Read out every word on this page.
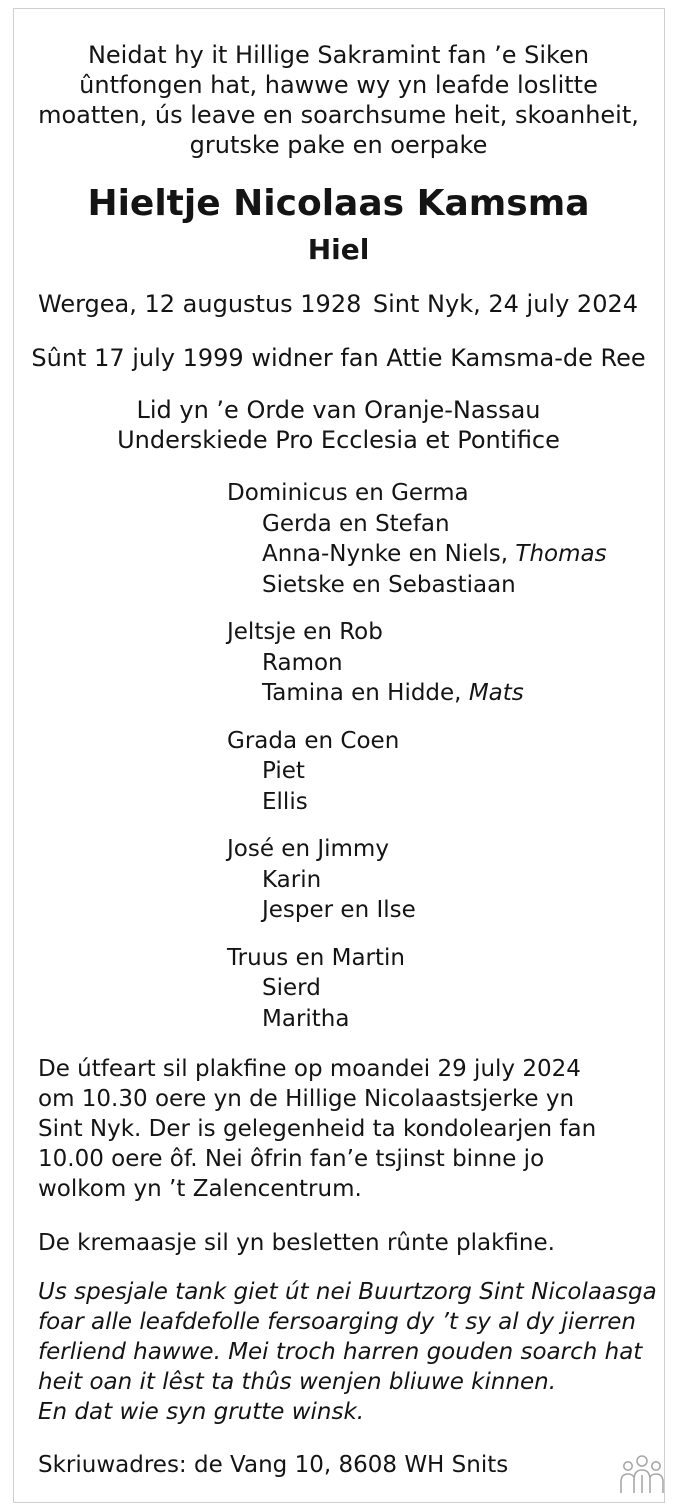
Neidat hy it Hillige Sakramint fan ’e Siken
ûntfongen hat, hawwe wy yn leafde loslitte
moatten, ús leave en soarchsume heit, skoanheit,
grutske pake en oerpake
Hieltje Nicolaas Kamsma
Hiel
Wergea, 12 augustus 1928 Sint Nyk, 24 july 2024
Sûnt 17 july 1999 widner fan Attie Kamsma-de Ree
Lid yn ’e Orde van Oranje-Nassau
Underskiede Pro Ecclesia et Pontifice
Dominicus en Germa
Gerda en Stefan
Anna-Nynke en Niels, Thomas
Sietske en Sebastiaan
Jeltsje en Rob
Ramon
Tamina en Hidde, Mats
Grada en Coen
Piet
Ellis
José en Jimmy
Karin
Jesper en Ilse
Truus en Martin
Sierd
Maritha
De útfeart sil plakfine op moandei 29 july 2024
om 10.30 oere yn de Hillige Nicolaastsjerke yn
Sint Nyk. Der is gelegenheid ta kondolearjen fan
10.00 oere ôf. Nei ôfrin fan’e tsjinst binne jo
wolkom yn ’t Zalencentrum.
De kremaasje sil yn besletten rûnte plakfine.
Us spesjale tank giet út nei Buurtzorg Sint Nicolaasga
foar alle leafdefolle fersoarging dy ’t sy al dy jierren
ferliend hawwe. Mei troch harren gouden soarch hat
heit oan it lêst ta thûs wenjen bliuwe kinnen.
En dat wie syn grutte winsk.
Skriuwadres: de Vang 10, 8608 WH Snits
